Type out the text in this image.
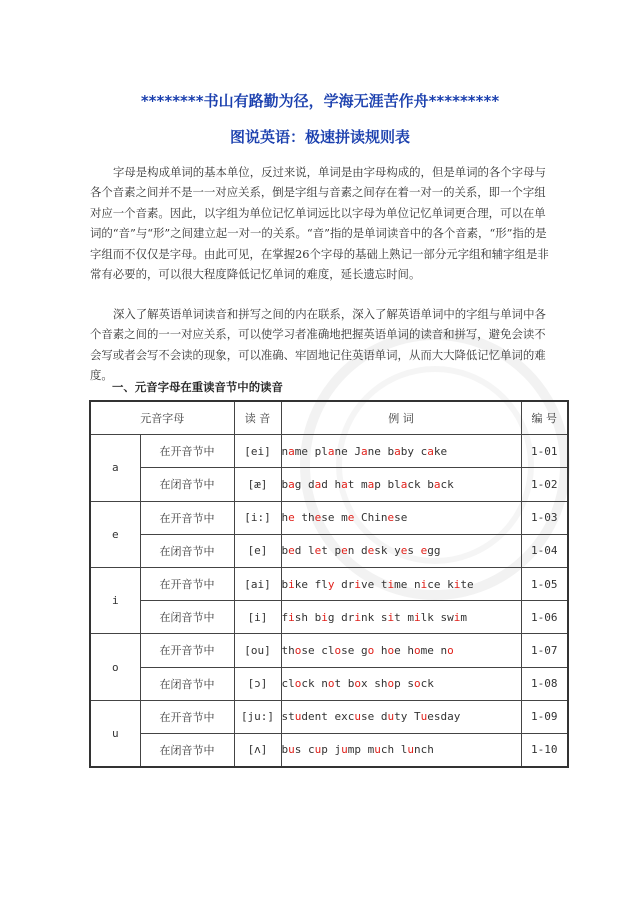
********书山有路勤为径，学海无涯苦作舟*********
图说英语：极速拼读规则表

字母是构成单词的基本单位，反过来说，单词是由字母构成的，但是单词的各个字母与各个音素之间并不是一一对应关系，倒是字组与音素之间存在着一对一的关系，即一个字组对应一个音素。因此，以字组为单位记忆单词远比以字母为单位记忆单词更合理，可以在单词的“音”与“形”之间建立起一对一的关系。“音”指的是单词读音中的各个音素，“形”指的是字组而不仅仅是字母。由此可见，在掌握26个字母的基础上熟记一部分元字组和辅字组是非常有必要的，可以很大程度降低记忆单词的难度，延长遗忘时间。

深入了解英语单词读音和拼写之间的内在联系，深入了解英语单词中的字组与单词中各个音素之间的一一对应关系，可以使学习者准确地把握英语单词的读音和拼写，避免会读不会写或者会写不会读的现象，可以准确、牢固地记住英语单词，从而大大降低记忆单词的难度。

一、元音字母在重读音节中的读音
元音字母		读 音	例 词	编 号
a	在开音节中	[ei]	name plane Jane baby cake	1-01
	在闭音节中	[æ]	bag dad hat map black back	1-02
e	在开音节中	[i:]	he these me Chinese	1-03
	在闭音节中	[e]	bed let pen desk yes egg	1-04
i	在开音节中	[ai]	bike fly drive time nice kite	1-05
	在闭音节中	[i]	fish big drink sit milk swim	1-06
o	在开音节中	[ou]	those close go hoe home no	1-07
	在闭音节中	[ɔ]	clock not box shop sock	1-08
u	在开音节中	[ju:]	student excuse duty Tuesday	1-09
	在闭音节中	[ʌ]	bus cup jump much lunch	1-10
